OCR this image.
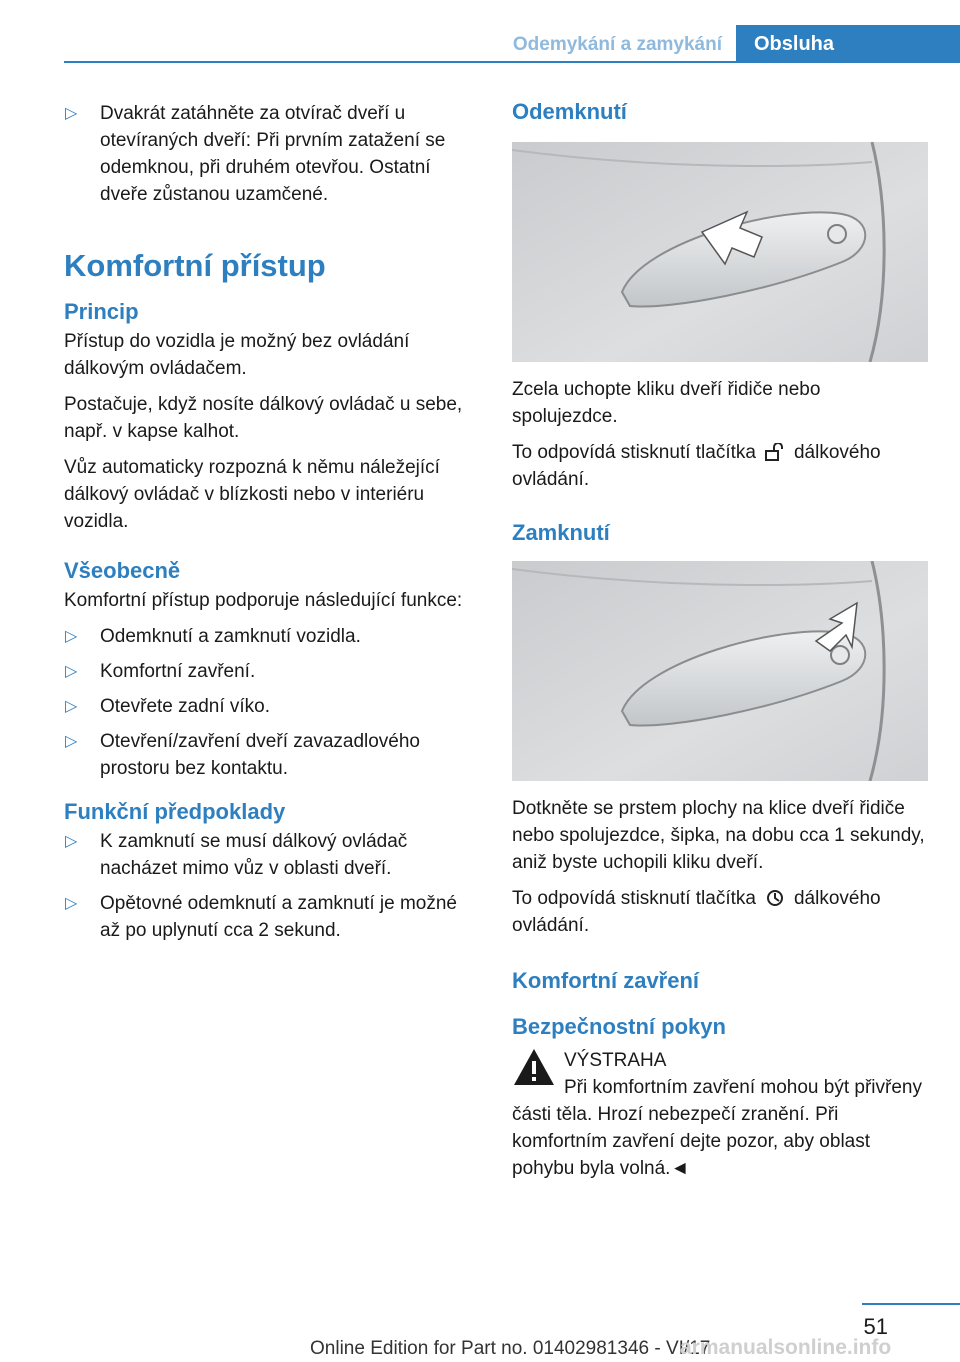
Odemykání a zamykání	Obsluha
▷ Dvakrát zatáhněte za otvírač dveří u otevíraných dveří: Při prvním zatažení se odemknou, při druhém otevřou. Ostatní dveře zůstanou uzamčené.
Komfortní přístup
Princip

Přístup do vozidla je možný bez ovládání dálkovým ovládačem.

Postačuje, když nosíte dálkový ovládač u sebe, např. v kapse kalhot.

Vůz automaticky rozpozná k němu náležející dálkový ovládač v blízkosti nebo v interiéru vozidla.

Všeobecně

Komfortní přístup podporuje následující funkce:

▷ Odemknutí a zamknutí vozidla.
▷ Komfortní zavření.
▷ Otevřete zadní víko.
▷ Otevření/zavření dveří zavazadlového prostoru bez kontaktu.
Funkční předpoklady
▷ K zamknutí se musí dálkový ovládač nacházet mimo vůz v oblasti dveří.
▷ Opětovné odemknutí a zamknutí je možné až po uplynutí cca 2 sekund.
Odemknutí

Zcela uchopte kliku dveří řidiče nebo spolujezdce.

To odpovídá stisknutí tlačítka dálkového ovládání.

Zamknutí

Dotkněte se prstem plochy na klice dveří řidiče nebo spolujezdce, šipka, na dobu cca 1 sekundy, aniž byste uchopili kliku dveří.

To odpovídá stisknutí tlačítka dálkového ovládání.

Komfortní zavření
Bezpečnostní pokyn
VÝSTRAHA

Při komfortním zavření mohou být přivřeny části těla. Hrozí nebezpečí zranění. Při komfortním zavření dejte pozor, aby oblast pohybu byla volná.◄

51
Online Edition for Part no. 01402981346 - VI/17
armanualsonline.info
